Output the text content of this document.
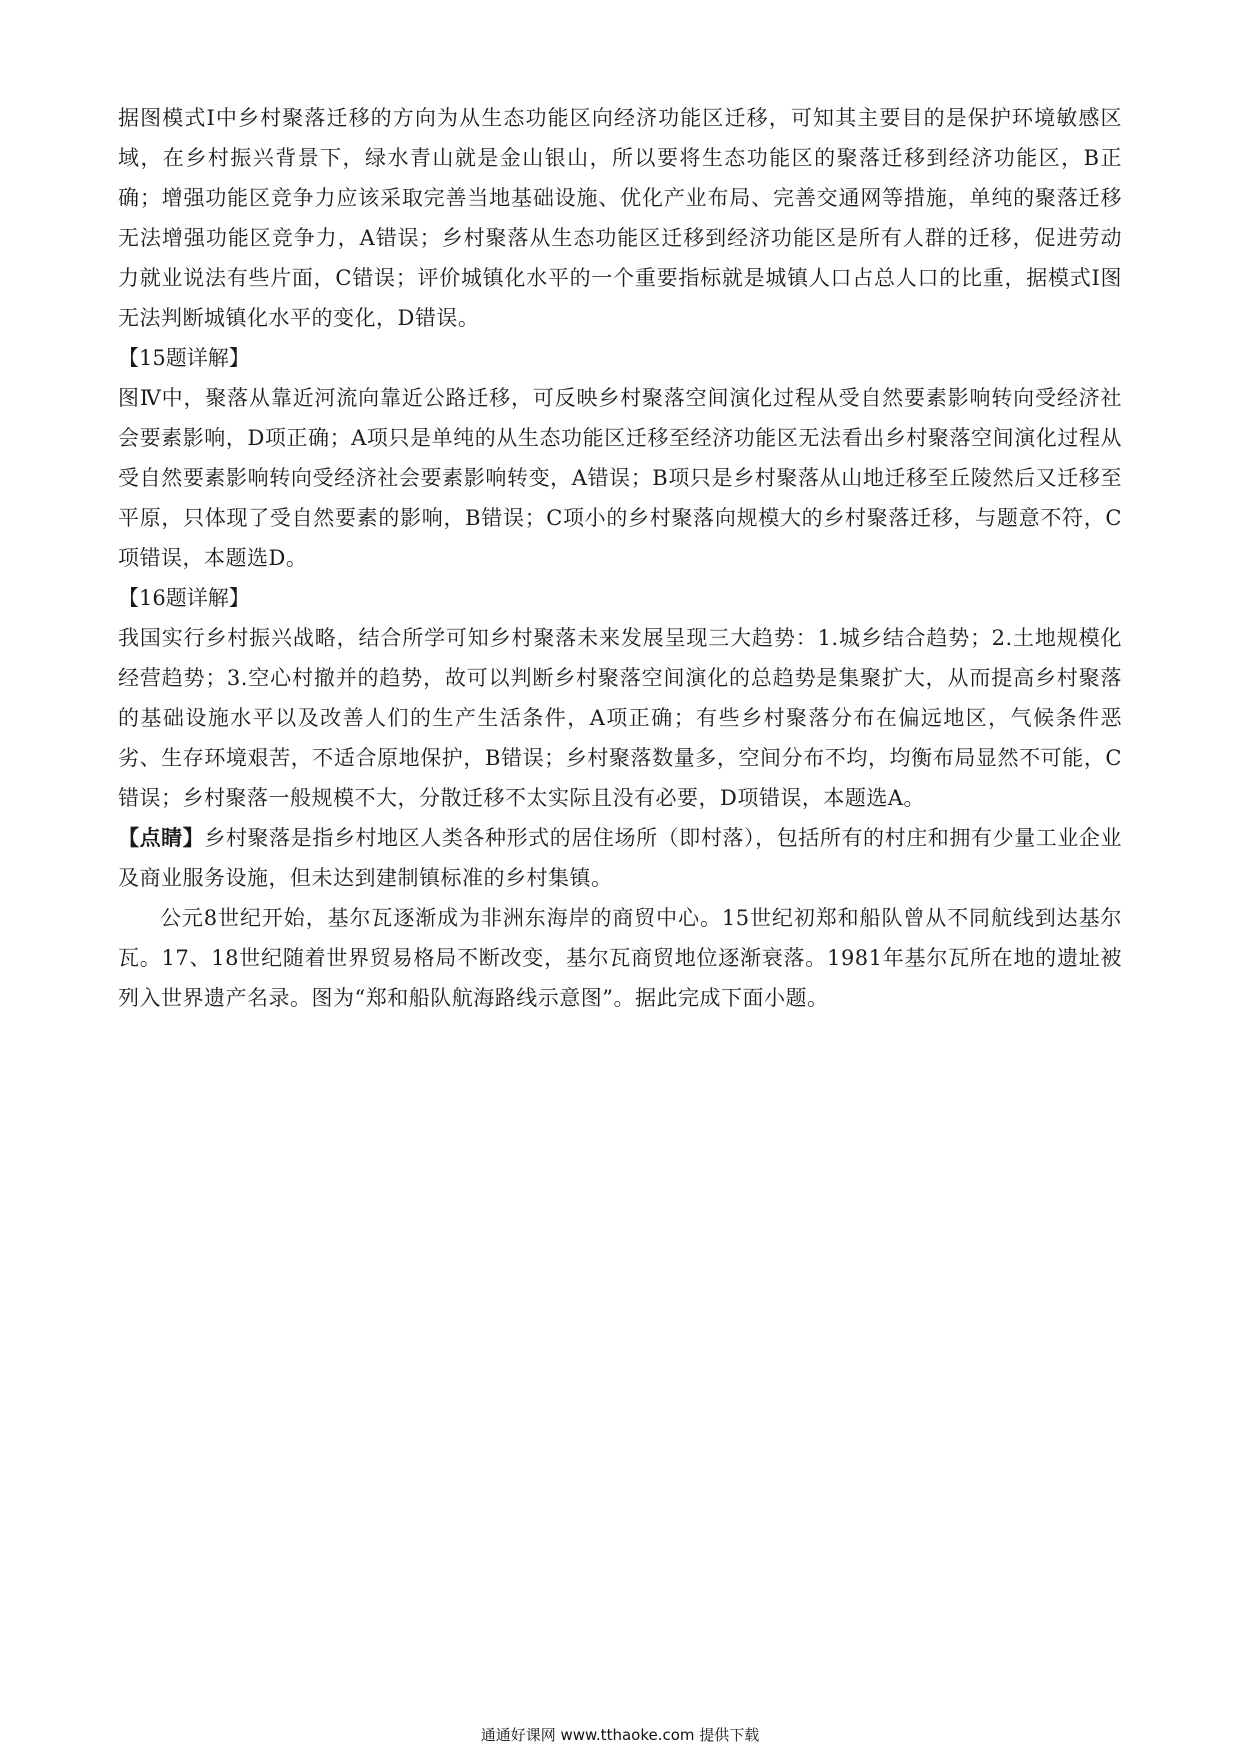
据图模式Ⅰ中乡村聚落迁移的方向为从生态功能区向经济功能区迁移，可知其主要目的是保护环境敏感区域，在乡村振兴背景下，绿水青山就是金山银山，所以要将生态功能区的聚落迁移到经济功能区，B正确；增强功能区竞争力应该采取完善当地基础设施、优化产业布局、完善交通网等措施，单纯的聚落迁移无法增强功能区竞争力，A错误；乡村聚落从生态功能区迁移到经济功能区是所有人群的迁移，促进劳动力就业说法有些片面，C错误；评价城镇化水平的一个重要指标就是城镇人口占总人口的比重，据模式Ⅰ图无法判断城镇化水平的变化，D错误。

【15题详解】

图Ⅳ中，聚落从靠近河流向靠近公路迁移，可反映乡村聚落空间演化过程从受自然要素影响转向受经济社会要素影响，D项正确；A项只是单纯的从生态功能区迁移至经济功能区无法看出乡村聚落空间演化过程从受自然要素影响转向受经济社会要素影响转变，A错误；B项只是乡村聚落从山地迁移至丘陵然后又迁移至平原，只体现了受自然要素的影响，B错误；C项小的乡村聚落向规模大的乡村聚落迁移，与题意不符，C项错误，本题选D。

【16题详解】

我国实行乡村振兴战略，结合所学可知乡村聚落未来发展呈现三大趋势：1.城乡结合趋势；2.土地规模化经营趋势；3.空心村撤并的趋势，故可以判断乡村聚落空间演化的总趋势是集聚扩大，从而提高乡村聚落的基础设施水平以及改善人们的生产生活条件，A项正确；有些乡村聚落分布在偏远地区，气候条件恶劣、生存环境艰苦，不适合原地保护，B错误；乡村聚落数量多，空间分布不均，均衡布局显然不可能，C错误；乡村聚落一般规模不大，分散迁移不太实际且没有必要，D项错误，本题选A。

【点睛】乡村聚落是指乡村地区人类各种形式的居住场所（即村落），包括所有的村庄和拥有少量工业企业及商业服务设施，但未达到建制镇标准的乡村集镇。

公元8世纪开始，基尔瓦逐渐成为非洲东海岸的商贸中心。15世纪初郑和船队曾从不同航线到达基尔瓦。17、18世纪随着世界贸易格局不断改变，基尔瓦商贸地位逐渐衰落。1981年基尔瓦所在地的遗址被列入世界遗产名录。图为“郑和船队航海路线示意图”。据此完成下面小题。

通通好课网 www.tthaoke.com 提供下载
